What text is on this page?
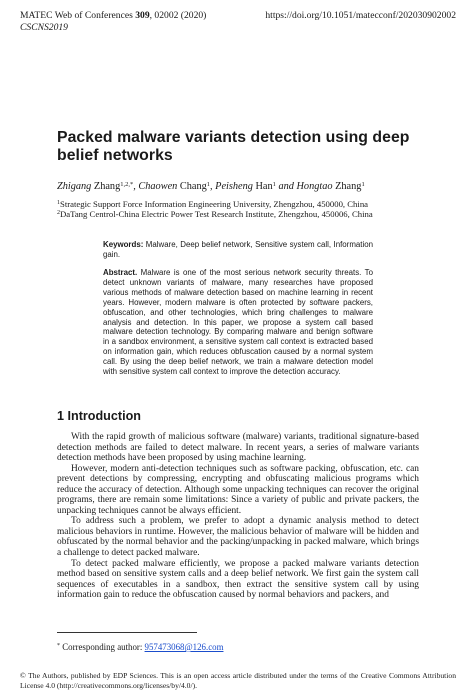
MATEC Web of Conferences 309, 02002 (2020)	https://doi.org/10.1051/matecconf/202030902002
CSCNS2019
Packed malware variants detection using deep belief networks
Zhigang Zhang$^{1,2,*}$, Chaowen Chang$^1$, Peisheng Han$^1$ and Hongtao Zhang$^1$
$^1$Strategic Support Force Information Engineering University, Zhengzhou, 450000, China
$^2$DaTang Centrol-China Electric Power Test Research Institute, Zhengzhou, 450006, China
Keywords: Malware, Deep belief network, Sensitive system call, Information gain.
Abstract. Malware is one of the most serious network security threats. To detect unknown variants of malware, many researches have proposed various methods of malware detection based on machine learning in recent years. However, modern malware is often protected by software packers, obfuscation, and other technologies, which bring challenges to malware analysis and detection. In this paper, we propose a system call based malware detection technology. By comparing malware and benign software in a sandbox environment, a sensitive system call context is extracted based on information gain, which reduces obfuscation caused by a normal system call. By using the deep belief network, we train a malware detection model with sensitive system call context to improve the detection accuracy.
1 Introduction

With the rapid growth of malicious software (malware) variants, traditional signature-based detection methods are failed to detect malware. In recent years, a series of malware variants detection methods have been proposed by using machine learning.

However, modern anti-detection techniques such as software packing, obfuscation, etc. can prevent detections by compressing, encrypting and obfuscating malicious programs which reduce the accuracy of detection. Although some unpacking techniques can recover the original programs, there are remain some limitations: Since a variety of public and private packers, the unpacking techniques cannot be always efficient.

To address such a problem, we prefer to adopt a dynamic analysis method to detect malicious behaviors in runtime. However, the malicious behavior of malware will be hidden and obfuscated by the normal behavior and the packing/unpacking in packed malware, which brings a challenge to detect packed malware.

To detect packed malware efficiently, we propose a packed malware variants detection method based on sensitive system calls and a deep belief network. We first gain the system call sequences of executables in a sandbox, then extract the sensitive system call by using information gain to reduce the obfuscation caused by normal behaviors and packers, and

* Corresponding author: 957473068@126.com
© The Authors, published by EDP Sciences. This is an open access article distributed under the terms of the Creative Commons Attribution License 4.0 (http://creativecommons.org/licenses/by/4.0/).
